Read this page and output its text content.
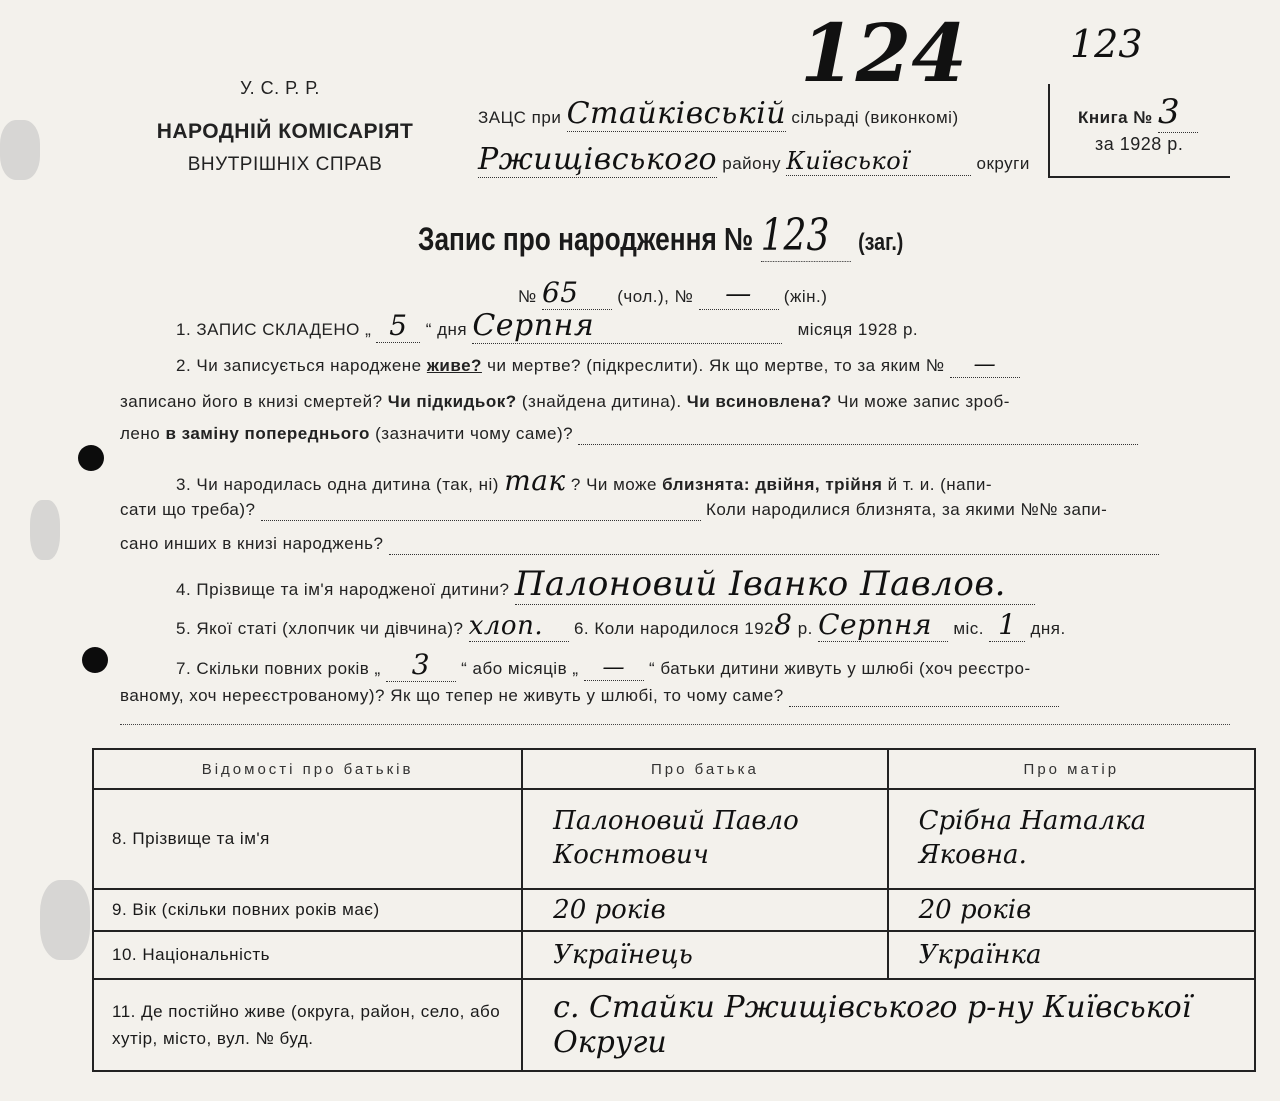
У. С. Р. Р.
НАРОДНІЙ КОМІСАРІЯТ
ВНУТРІШНІХ СПРАВ
124	123
ЗАЦС при Стайківській сільраді (виконкомі)
Ржищівського району Київської	округи
Книга № 3
за 1928 р.
Запис про народження № 123 (заг.)
№ 65 (чол.), № — (жін.)
1. ЗАПИС СКЛАДЕНО „ 5 “ дня Серпня	місяця 1928 р.
2. Чи записується народжене живе? чи мертве? (підкреслити). Як що мертве, то за яким № —
записано його в книзі смертей? Чи підкидьок? (знайдена дитина). Чи всиновлена? Чи може запис зроб-
лено в заміну попереднього (зазначити чому саме)?
3. Чи народилась одна дитина (так, ні) так ? Чи може близнята: двійня, трійня й т. и. (напи-
сати що треба)?	Коли народилися близнята, за якими №№ запи-
сано инших в книзі народжень?
4. Прізвище та ім'я народженої дитини? Палоновий Іванко Павлов.
5. Якої статі (хлопчик чи дівчина)? хлоп. 6. Коли народилося 1928 р. Серпня міс. 1 дня.
7. Скільки повних років „ 3 “ або місяців „ — “ батьки дитини живуть у шлюбі (хоч реєстро-
ваному, хоч нереєстрованому)? Як що тепер не живуть у шлюбі, то чому саме?
Відомості про батьків	Про батька	Про матір
8. Прізвище та ім'я	Палоновий Павло Коснтович	Срібна Наталка Яковна.
9. Вік (скільки повних років має)	20 років	20 років
10. Національність	Українець	Українка
11. Де постійно живе (округа, район, село, або хутір, місто, вул. № буд.	с. Стайки Ржищівського р-ну Київської Округи	
